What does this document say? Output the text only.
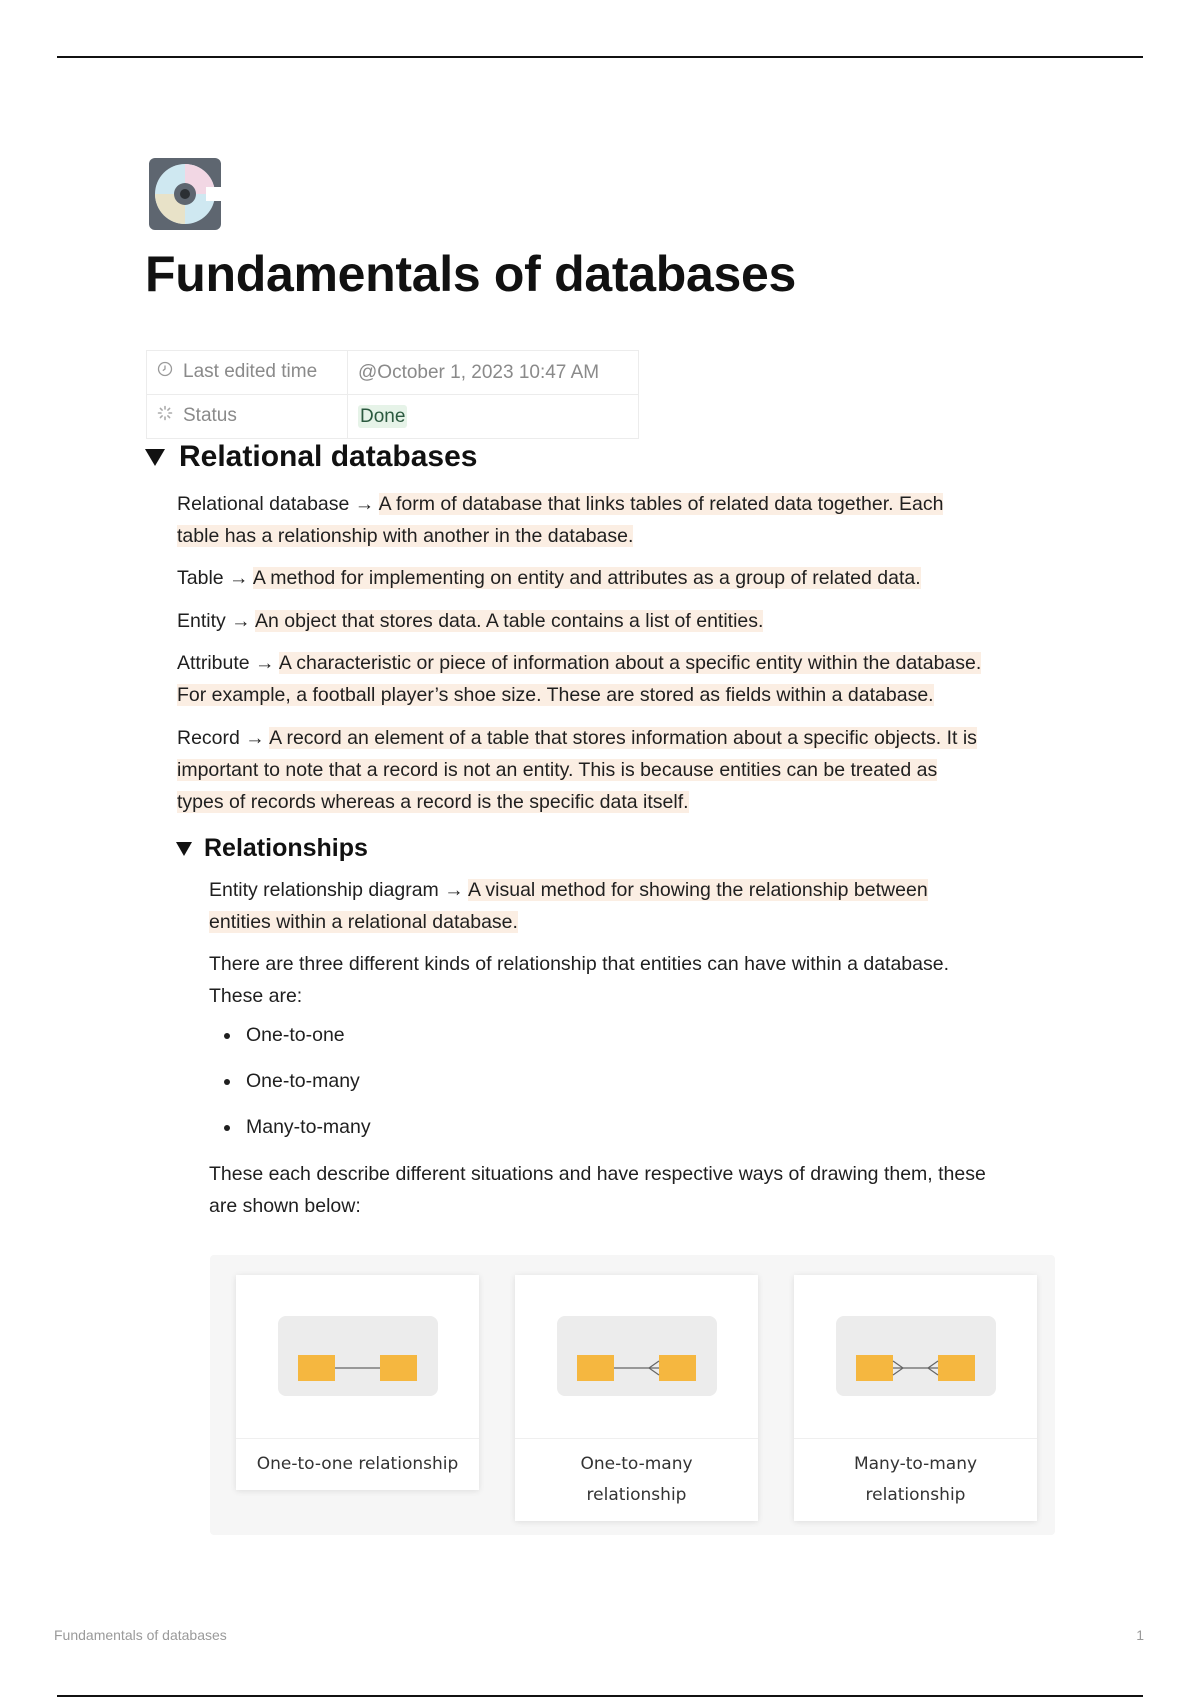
Fundamentals of databases
Last edited time	@October 1, 2023 10:47 AM
Status	Done
Relational databases
Relational database → A form of database that links tables of related data together. Each
table has a relationship with another in the database.
Table → A method for implementing on entity and attributes as a group of related data.
Entity → An object that stores data. A table contains a list of entities.
Attribute → A characteristic or piece of information about a specific entity within the database.
For example, a football player’s shoe size. These are stored as fields within a database.
Record → A record an element of a table that stores information about a specific objects. It is
important to note that a record is not an entity. This is because entities can be treated as
types of records whereas a record is the specific data itself.
Relationships
Entity relationship diagram → A visual method for showing the relationship between
entities within a relational database.
There are three different kinds of relationship that entities can have within a database.
These are:
One-to-one
One-to-many
Many-to-many
These each describe different situations and have respective ways of drawing them, these
are shown below:
One-to-one relationship	One-to-many
relationship
Many-to-many
relationship
Fundamentals of databases	1
